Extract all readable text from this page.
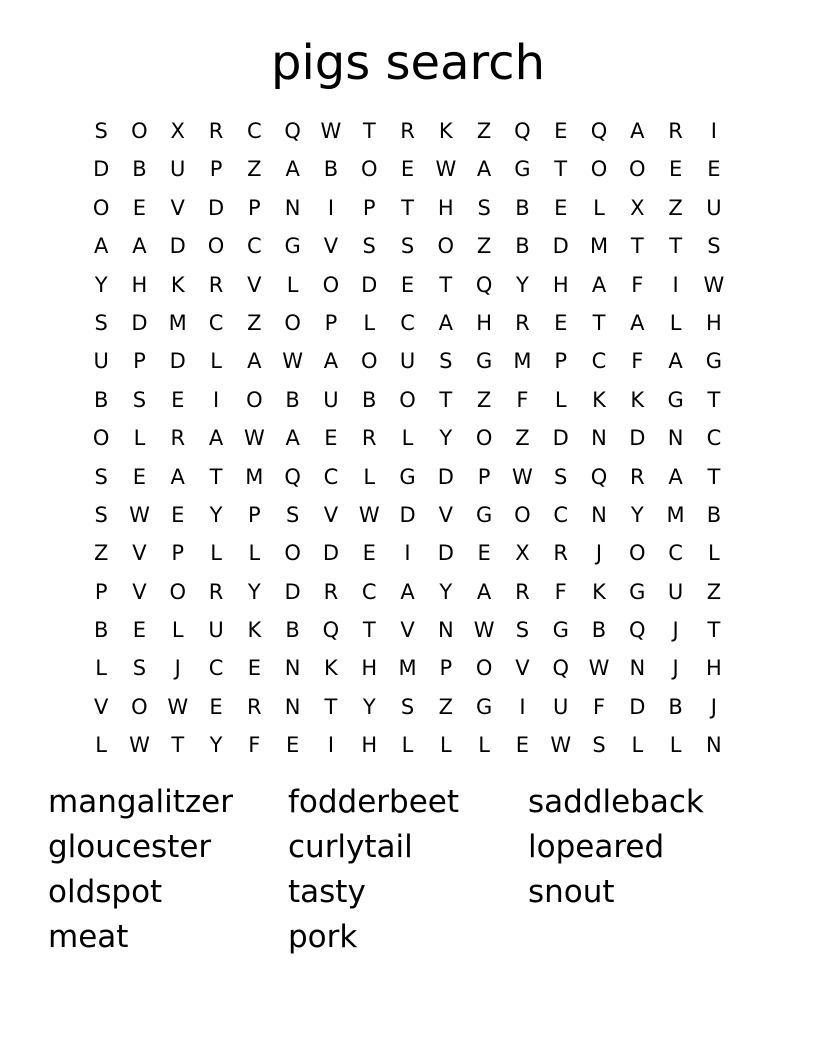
pigs search
S	O	X	R	C	Q W	T	R	K	Z	Q	E	Q	A	R	I
D	B	U	P	Z	A	B	O	E	W A	G	T	O	O	E	E
O	E	V	D	P	N	I	P	T	H	S	B	E	L	X	Z	U
A	A	D	O	C	G	V	S	S	O	Z	B	D	M	T	T	S
Y	H	K	R	V	L	O	D	E	T	Q	Y	H	A	F	I	W
S	D	M	C	Z	O	P	L	C	A	H	R	E	T	A	L	H
U	P	D	L	A W A	O	U	S	G	M	P	C	F	A	G
B	S	E	I	O	B	U	B	O	T	Z	F	L	K	K	G	T
O	L	R	A W A	E	R	L	Y	O	Z	D	N	D	N	C
S	E	A	T	M Q	C	L	G	D	P	W	S	Q	R	A	T
S	W	E	Y	P	S	V W D	V	G	O	C	N	Y	M	B
Z	V	P	L	L	O	D	E	I	D	E	X	R	J	O	C	L
P	V	O	R	Y	D	R	C	A	Y	A	R	F	K	G	U	Z
B	E	L	U	K	B	Q	T	V	N W	S	G	B	Q	J	T
L	S	J	C	E	N	K	H	M	P	O	V	Q W N	J	H
V	O W	E	R	N	T	Y	S	Z	G	I	U	F	D	B	J
L	W	T	Y	F	E	I	H	L	L	L	E	W	S	L	L	N
mangalitzer	fodderbeet	saddleback
gloucester	curlytail	lopeared
oldspot	tasty	snout
meat	pork
